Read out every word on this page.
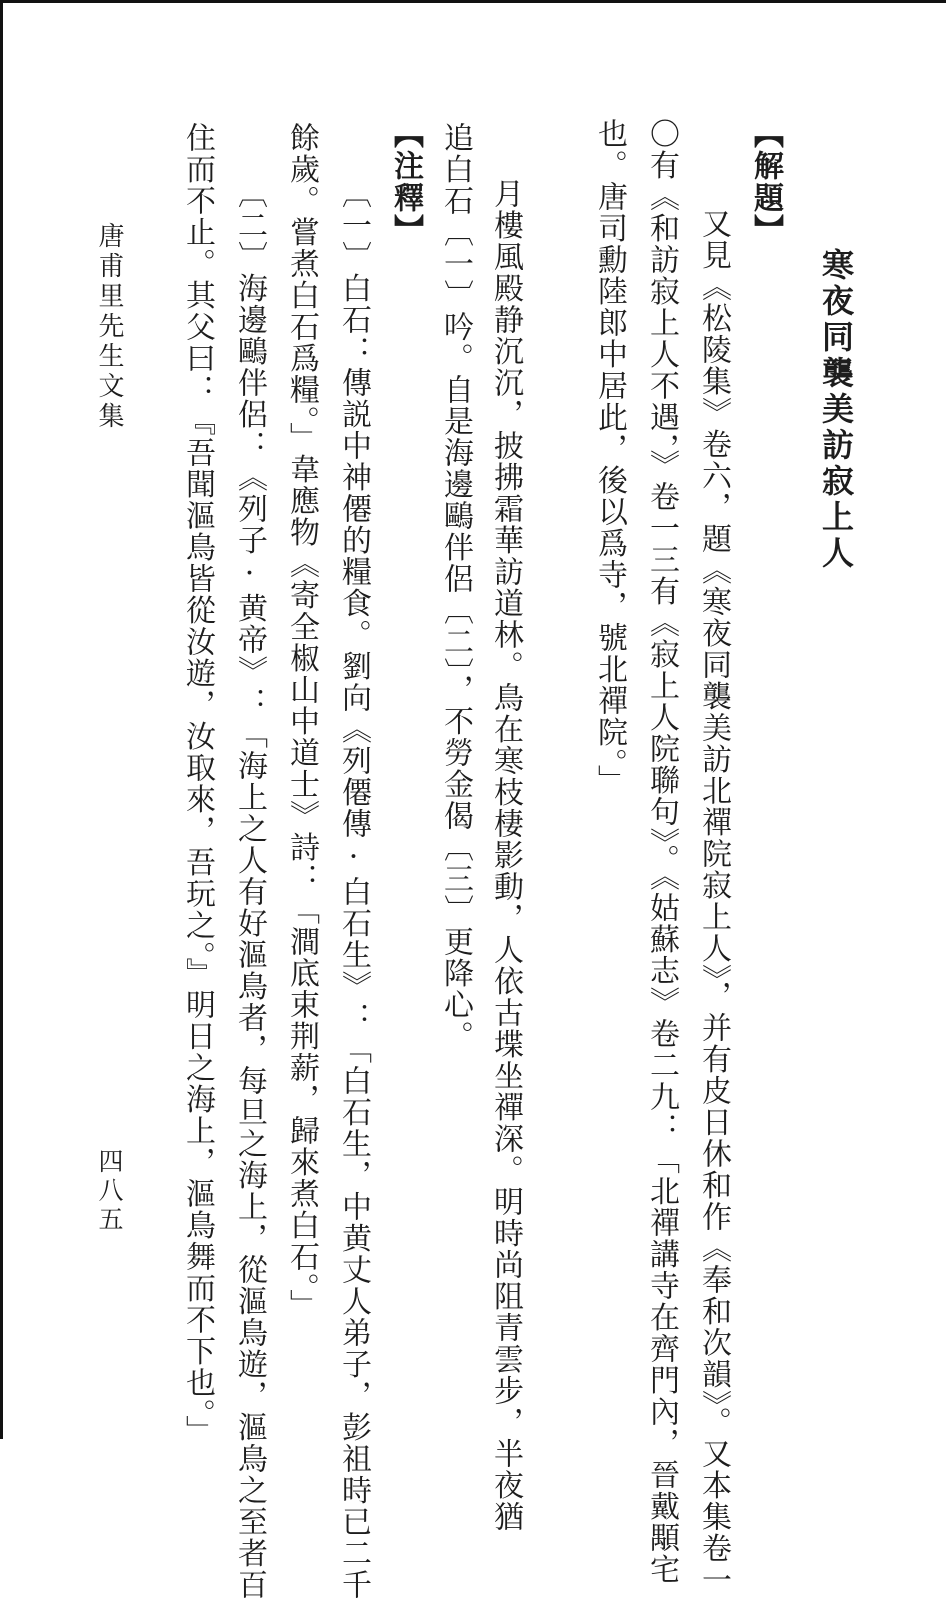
寒夜同襲美訪寂上人
【解題】
又見《松陵集》卷六，題《寒夜同襲美訪北禪院寂上人》，并有皮日休和作《奉和次韻》。又本集卷一
〇有《和訪寂上人不遇，》卷一三有《寂上人院聯句》。《姑蘇志》卷二九：「北禪講寺在齊門內，晉戴顒宅
也。唐司勳陸郎中居此，後以爲寺，號北禪院。」
月樓風殿静沉沉，披拂霜華訪道林。鳥在寒枝棲影動，人依古堞坐禪深。明時尚阻青雲步，半夜猶
追白石〔一〕吟。自是海邊鷗伴侶〔二〕，不勞金偈〔三〕更降心。
【注釋】
〔一〕白石：傳説中神僊的糧食。劉向《列僊傳·白石生》：「白石生，中黄丈人弟子，彭祖時已二千
餘歲。嘗煮白石爲糧。」韋應物《寄全椒山中道士》詩：「澗底束荆薪，歸來煮白石。」
〔二〕海邊鷗伴侶：《列子·黄帝》：「海上之人有好漚鳥者，每旦之海上，從漚鳥遊，漚鳥之至者百
住而不止。其父曰：『吾聞漚鳥皆從汝遊，汝取來，吾玩之。』明日之海上，漚鳥舞而不下也。」
唐甫里先生文集
四八五
